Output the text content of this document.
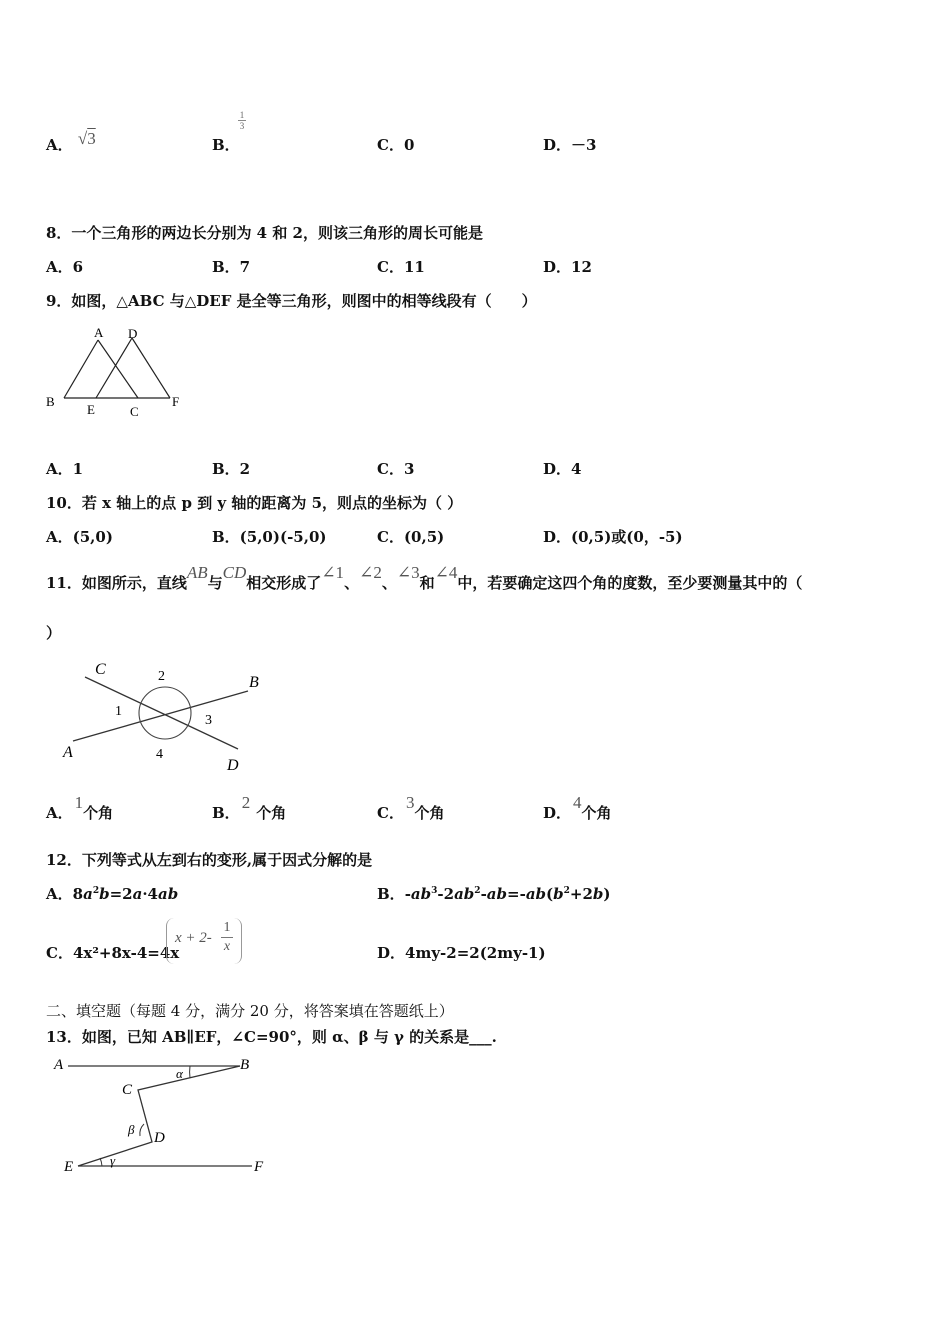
A． √3	B．
1
3
C．0	D．－3
8．一个三角形的两边长分别为 4 和 2，则该三角形的周长可能是
A．6	B．7	C．11	D．12
9．如图，△ABC 与△DEF 是全等三角形，则图中的相等线段有（　　）
A D
B
E	C
F
A．1	B．2	C．3	D．4
10．若 x 轴上的点 p 到 y 轴的距离为 5，则点的坐标为（ ）
A．(5,0)	B．(5,0)(-5,0)	C．(0,5)	D．(0,5)或(0，-5)
11．如图所示，直线AB与CD相交形成了∠1、∠2、∠3和∠4中，若要确定这四个角的度数，至少要测量其中的（
）
C
B
A
D
1
2
3
4
A．1个角	B．2个角	C．3个角	D．4个角
12．下列等式从左到右的变形,属于因式分解的是
A．$8a^2b=2a\cdot 4ab$	B．$-ab^3-2ab^2-ab=-ab(b^2+2b)$
C．4x²+8x-4=4x
x + 2-
1
x	D．4my-2=2(2my-1)
二、填空题（每题 4 分，满分 20 分，将答案填在答题纸上）
13．如图，已知 AB∥EF，∠C=90°，则 α、β 与 γ 的关系是___.
A	B
C
D
E	F
α
β
γ
